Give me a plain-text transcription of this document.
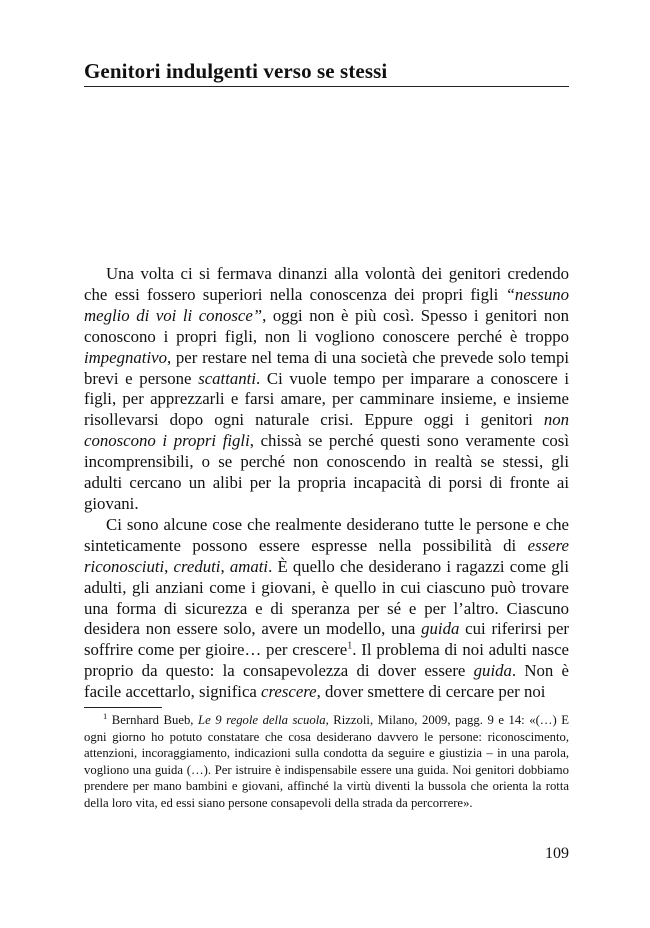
Genitori indulgenti verso se stessi

Una volta ci si fermava dinanzi alla volontà dei genitori credendo che essi fossero superiori nella conoscenza dei propri figli “nessuno meglio di voi li conosce”, oggi non è più così. Spesso i genitori non conoscono i propri figli, non li vogliono conoscere perché è troppo impegnativo, per restare nel tema di una società che prevede solo tempi brevi e persone scattanti. Ci vuole tempo per imparare a conoscere i figli, per apprezzarli e farsi amare, per camminare insieme, e insieme risollevarsi dopo ogni naturale crisi. Eppure oggi i genitori non conoscono i propri figli, chissà se perché questi sono veramente così incomprensibili, o se perché non conoscendo in realtà se stessi, gli adulti cercano un alibi per la propria incapacità di porsi di fronte ai giovani.

Ci sono alcune cose che realmente desiderano tutte le persone e che sinteticamente possono essere espresse nella possibilità di essere riconosciuti, creduti, amati. È quello che desiderano i ragazzi come gli adulti, gli anziani come i giovani, è quello in cui ciascuno può trovare una forma di sicurezza e di speranza per sé e per l’altro. Ciascuno desidera non essere solo, avere un modello, una guida cui riferirsi per soffrire come per gioire… per crescere$^1$. Il problema di noi adulti nasce proprio da questo: la consapevolezza di dover essere guida. Non è facile accettarlo, significa crescere, dover smettere di cercare per noi

$^1$ Bernhard Bueb, Le 9 regole della scuola, Rizzoli, Milano, 2009, pagg. 9 e 14: «(…) E ogni giorno ho potuto constatare che cosa desiderano davvero le persone: riconoscimento, attenzioni, incoraggiamento, indicazioni sulla condotta da seguire e giustizia – in una parola, vogliono una guida (…). Per istruire è indispensabile essere una guida. Noi genitori dobbiamo prendere per mano bambini e giovani, affinché la virtù diventi la bussola che orienta la rotta della loro vita, ed essi siano persone consapevoli della strada da percorrere».

109
